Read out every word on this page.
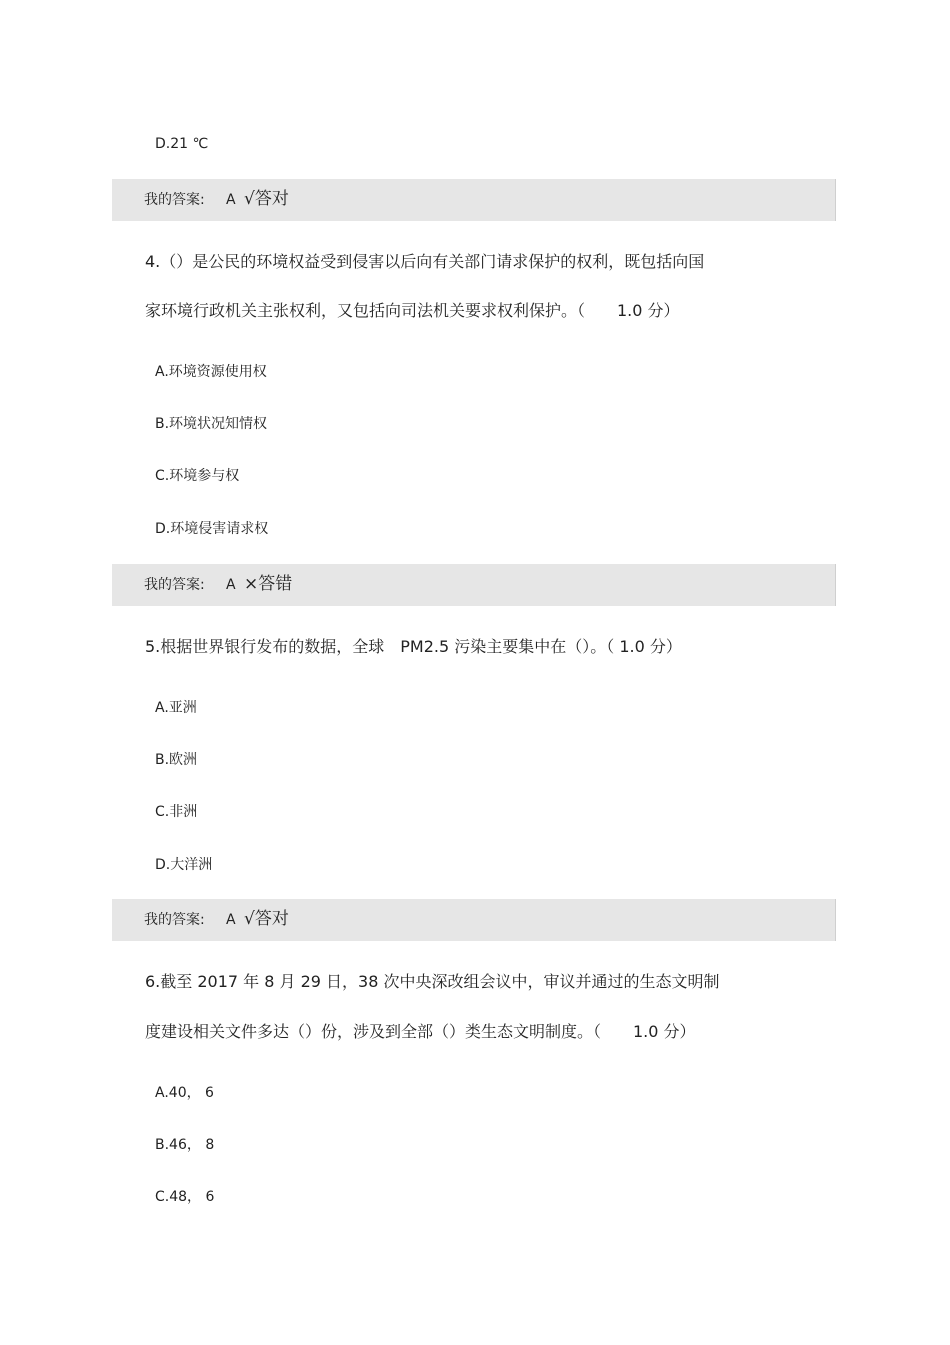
D.21 ℃
我的答案: A √答对
4.（）是公民的环境权益受到侵害以后向有关部门请求保护的权利，既包括向国
家环境行政机关主张权利，又包括向司法机关要求权利保护。（　　1.0 分）
A.环境资源使用权
B.环境状况知情权
C.环境参与权
D.环境侵害请求权
我的答案: A ×答错
5.根据世界银行发布的数据，全球　PM2.5 污染主要集中在（）。（ 1.0 分）
A.亚洲
B.欧洲
C.非洲
D.大洋洲
我的答案: A √答对
6.截至 2017 年 8 月 29 日，38 次中央深改组会议中，审议并通过的生态文明制
度建设相关文件多达（）份，涉及到全部（）类生态文明制度。（　　1.0 分）
A.40， 6
B.46， 8
C.48， 6
